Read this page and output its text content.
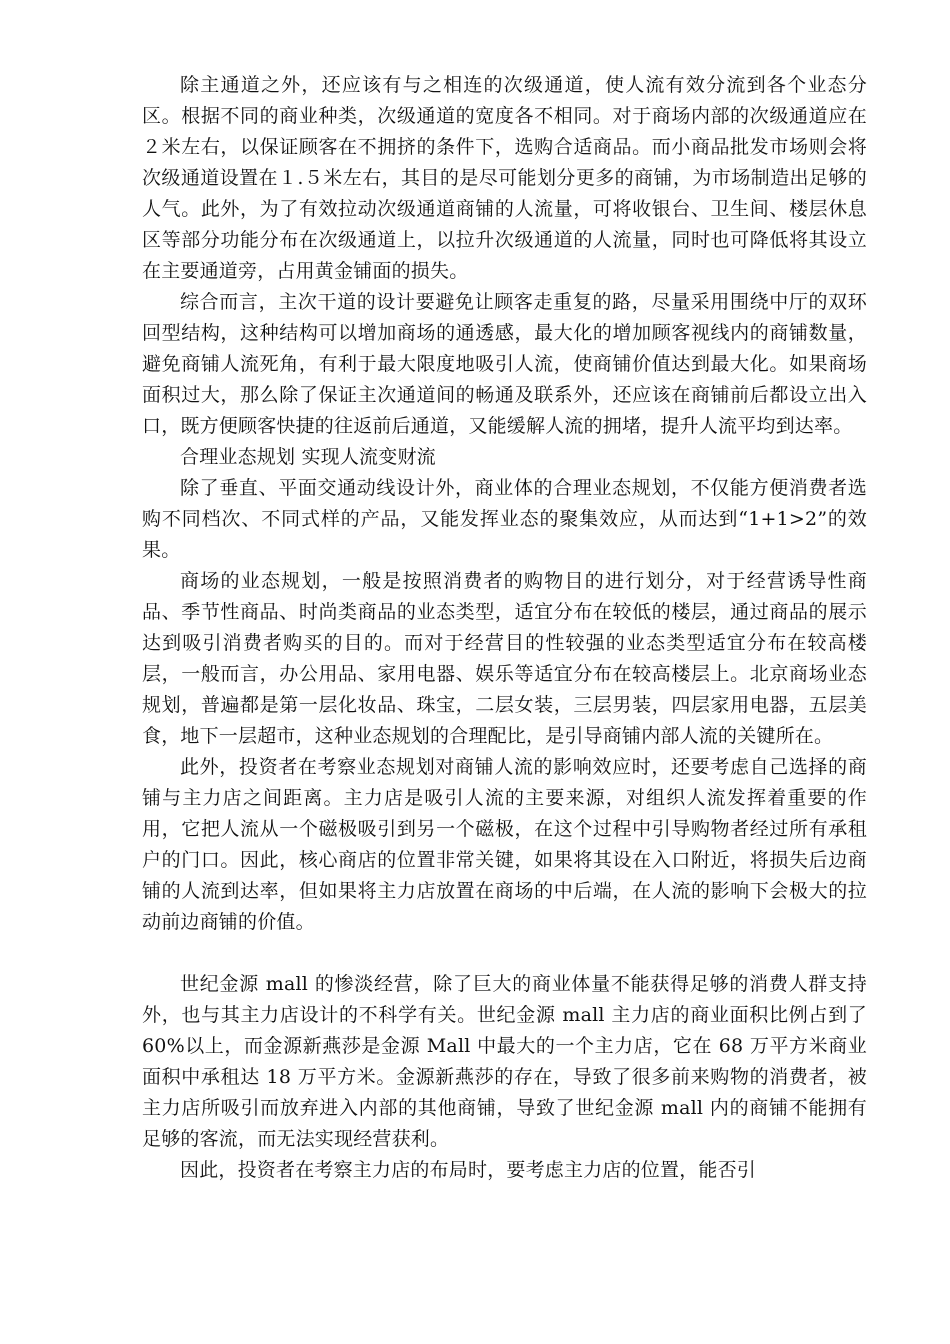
除主通道之外，还应该有与之相连的次级通道，使人流有效分流到各个业态分区。根据不同的商业种类，次级通道的宽度各不相同。对于商场内部的次级通道应在２米左右，以保证顾客在不拥挤的条件下，选购合适商品。而小商品批发市场则会将次级通道设置在１.５米左右，其目的是尽可能划分更多的商铺，为市场制造出足够的人气。此外，为了有效拉动次级通道商铺的人流量，可将收银台、卫生间、楼层休息区等部分功能分布在次级通道上，以拉升次级通道的人流量，同时也可降低将其设立在主要通道旁，占用黄金铺面的损失。

综合而言，主次干道的设计要避免让顾客走重复的路，尽量采用围绕中厅的双环回型结构，这种结构可以增加商场的通透感，最大化的增加顾客视线内的商铺数量，避免商铺人流死角，有利于最大限度地吸引人流，使商铺价值达到最大化。如果商场面积过大，那么除了保证主次通道间的畅通及联系外，还应该在商铺前后都设立出入口，既方便顾客快捷的往返前后通道，又能缓解人流的拥堵，提升人流平均到达率。

合理业态规划 实现人流变财流

除了垂直、平面交通动线设计外，商业体的合理业态规划，不仅能方便消费者选购不同档次、不同式样的产品，又能发挥业态的聚集效应，从而达到“1+1>2”的效果。

商场的业态规划，一般是按照消费者的购物目的进行划分，对于经营诱导性商品、季节性商品、时尚类商品的业态类型，适宜分布在较低的楼层，通过商品的展示达到吸引消费者购买的目的。而对于经营目的性较强的业态类型适宜分布在较高楼层，一般而言，办公用品、家用电器、娱乐等适宜分布在较高楼层上。北京商场业态规划，普遍都是第一层化妆品、珠宝，二层女装，三层男装，四层家用电器，五层美食，地下一层超市，这种业态规划的合理配比，是引导商铺内部人流的关键所在。

此外，投资者在考察业态规划对商铺人流的影响效应时，还要考虑自己选择的商铺与主力店之间距离。主力店是吸引人流的主要来源，对组织人流发挥着重要的作用，它把人流从一个磁极吸引到另一个磁极，在这个过程中引导购物者经过所有承租户的门口。因此，核心商店的位置非常关键，如果将其设在入口附近，将损失后边商铺的人流到达率，但如果将主力店放置在商场的中后端，在人流的影响下会极大的拉动前边商铺的价值。

世纪金源 mall 的惨淡经营，除了巨大的商业体量不能获得足够的消费人群支持外，也与其主力店设计的不科学有关。世纪金源 mall 主力店的商业面积比例占到了 60%以上，而金源新燕莎是金源 Mall 中最大的一个主力店，它在 68 万平方米商业面积中承租达 18 万平方米。金源新燕莎的存在，导致了很多前来购物的消费者，被主力店所吸引而放弃进入内部的其他商铺，导致了世纪金源 mall 内的商铺不能拥有足够的客流，而无法实现经营获利。

因此，投资者在考察主力店的布局时，要考虑主力店的位置，能否引
